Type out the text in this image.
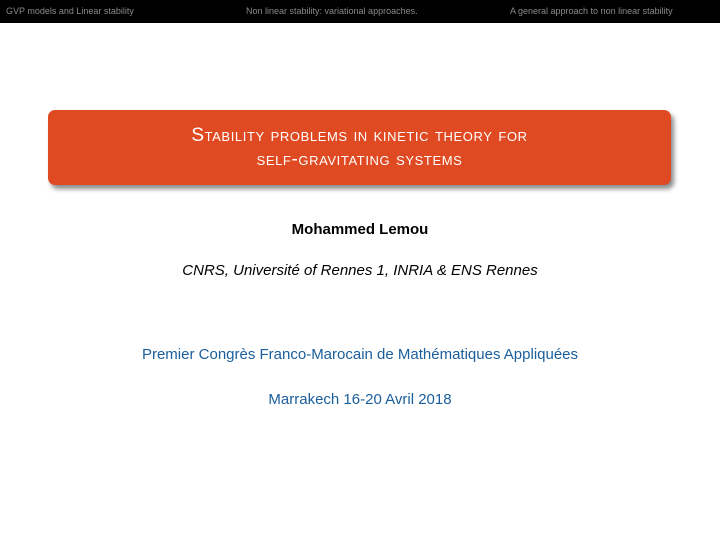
GVP models and Linear stability	Non linear stability: variational approaches.	A general approach to non linear stability
Stability problems in kinetic theory for
self-gravitating systems
Mohammed Lemou
CNRS, Université of Rennes 1, INRIA & ENS Rennes
Premier Congrès Franco-Marocain de Mathématiques Appliquées
Marrakech 16-20 Avril 2018
